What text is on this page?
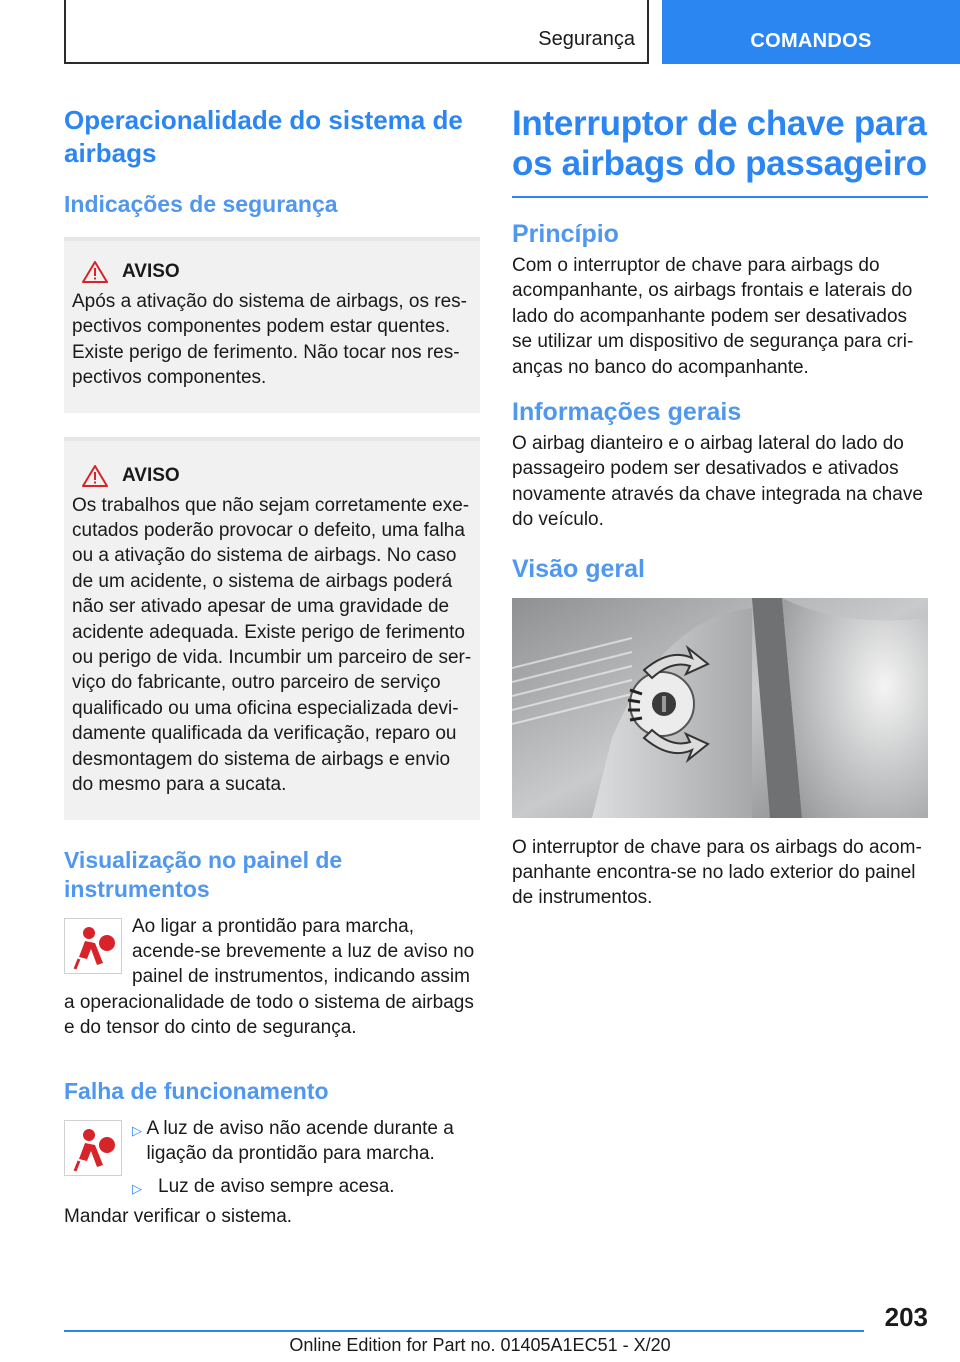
Segurança	COMANDOS
Operacionalidade do sistema de airbags
Indicações de segurança
AVISO

Após a ativação do sistema de airbags, os res‐pectivos componentes podem estar quentes. Existe perigo de ferimento. Não tocar nos res‐pectivos componentes.

AVISO

Os trabalhos que não sejam corretamente exe‐cutados poderão provocar o defeito, uma falha ou a ativação do sistema de airbags. No caso de um acidente, o sistema de airbags poderá não ser ativado apesar de uma gravidade de acidente adequada. Existe perigo de ferimento ou perigo de vida. Incumbir um parceiro de ser‐viço do fabricante, outro parceiro de serviço qualificado ou uma oficina especializada devi‐damente qualificada da verificação, reparo ou desmontagem do sistema de airbags e envio do mesmo para a sucata.

Visualização no painel de instrumentos

Ao ligar a prontidão para marcha, acende-se brevemente a luz de aviso no painel de instrumentos, indicando assim a operacionalidade de todo o sistema de airbags e do tensor do cinto de segurança.

Falha de funcionamento
▷ A luz de aviso não acende durante a ligação da prontidão para marcha.
▷ Luz de aviso sempre acesa.

Mandar verificar o sistema.

Interruptor de chave para os airbags do passageiro
Princípio

Com o interruptor de chave para airbags do acompanhante, os airbags frontais e laterais do lado do acompanhante podem ser desativados se utilizar um dispositivo de segurança para cri‐anças no banco do acompanhante.

Informações gerais

O airbag dianteiro e o airbag lateral do lado do passageiro podem ser desativados e ativados novamente através da chave integrada na chave do veículo.

Visão geral

O interruptor de chave para os airbags do acom‐panhante encontra-se no lado exterior do painel de instrumentos.

203
Online Edition for Part no. 01405A1EC51 - X/20
